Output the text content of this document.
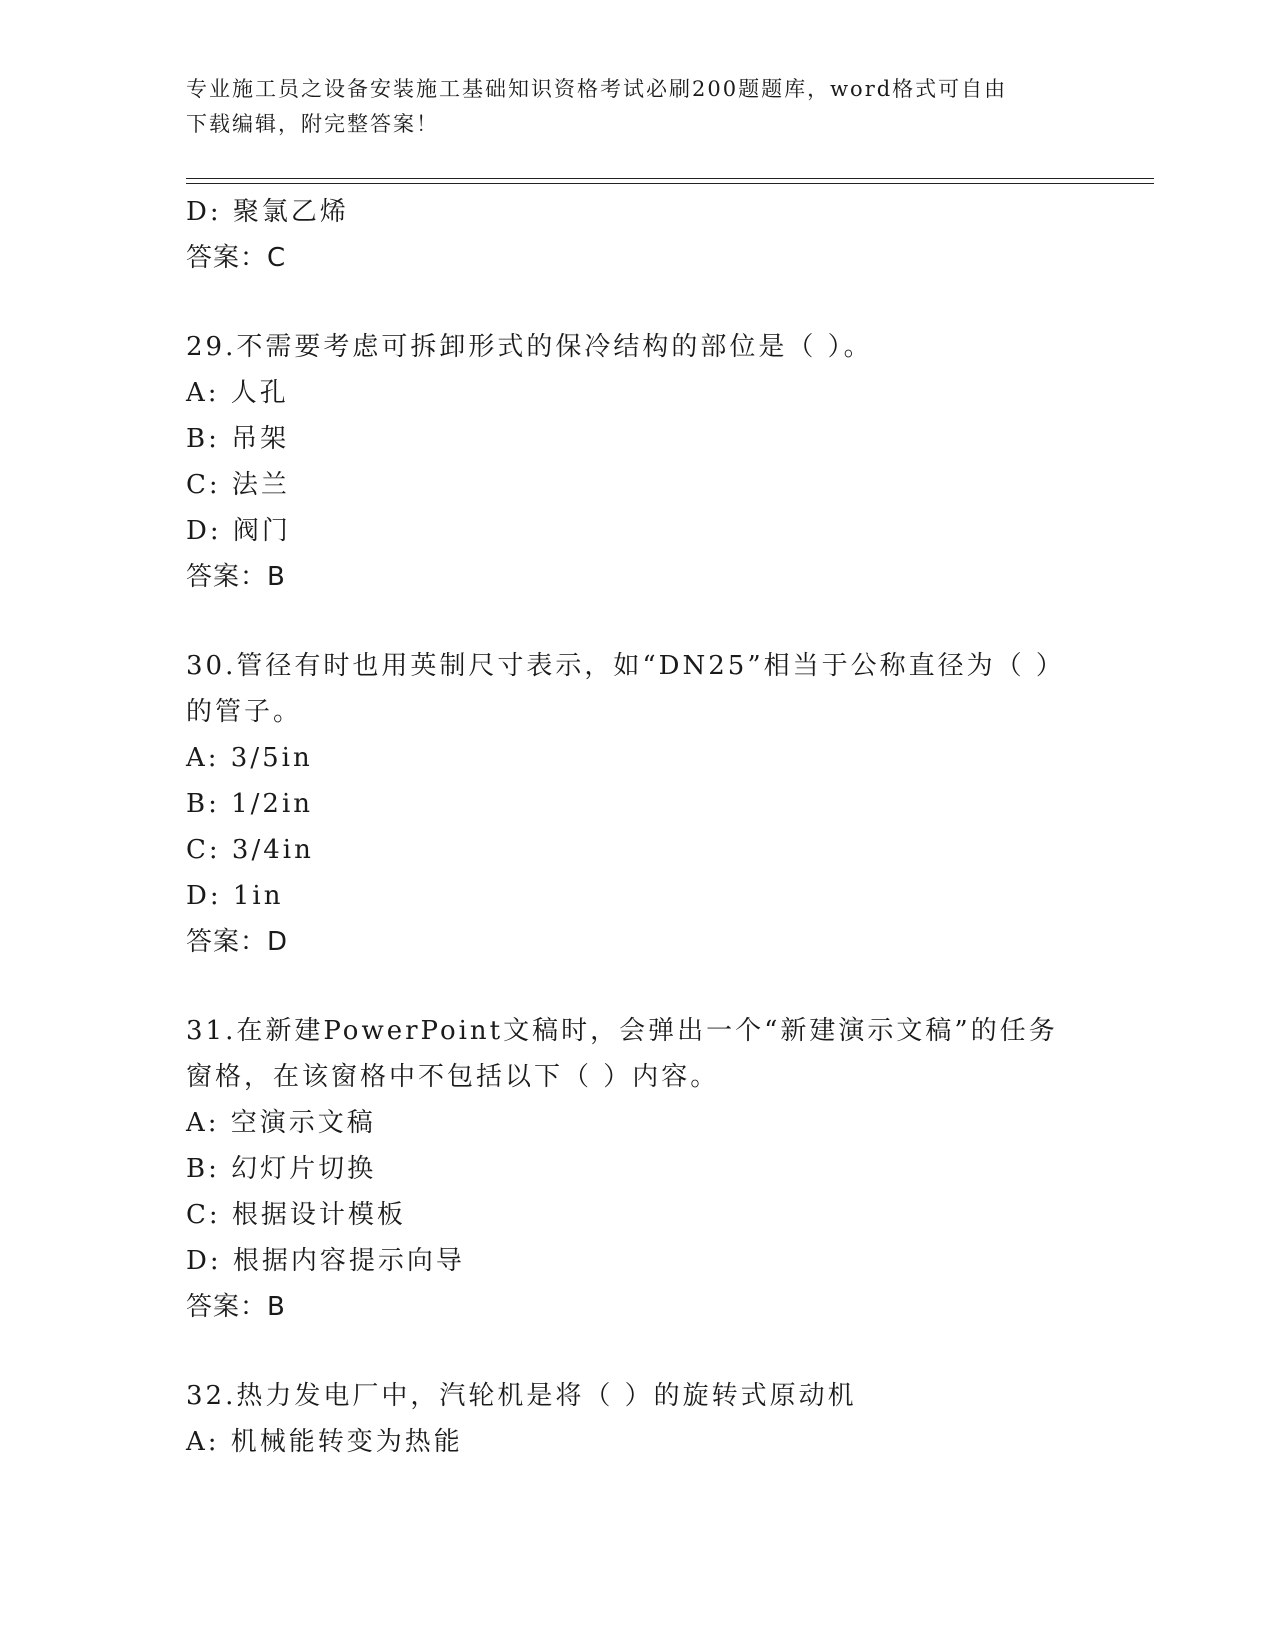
专业施工员之设备安装施工基础知识资格考试必刷200题题库，word格式可自由
下载编辑，附完整答案！
D: 聚氯乙烯
答案：C
29.不需要考虑可拆卸形式的保冷结构的部位是（ ）。
A: 人孔
B: 吊架
C: 法兰
D: 阀门
答案：B
30.管径有时也用英制尺寸表示，如“DN25”相当于公称直径为（ ）
的管子。
A: 3/5in
B: 1/2in
C: 3/4in
D: 1in
答案：D
31.在新建PowerPoint文稿时，会弹出一个“新建演示文稿”的任务
窗格，在该窗格中不包括以下（ ）内容。
A: 空演示文稿
B: 幻灯片切换
C: 根据设计模板
D: 根据内容提示向导
答案：B
32.热力发电厂中，汽轮机是将（ ）的旋转式原动机
A: 机械能转变为热能
